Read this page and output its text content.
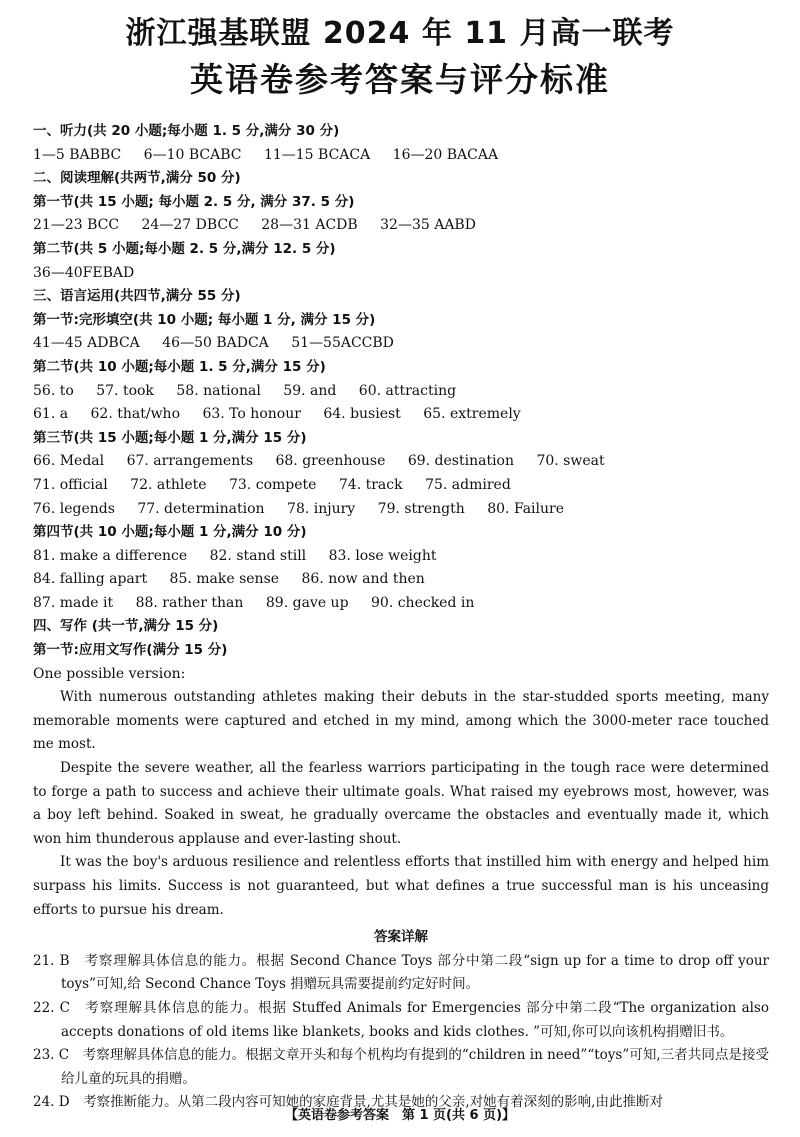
浙江强基联盟 2024 年 11 月高一联考
英语卷参考答案与评分标准
一、听力(共 20 小题;每小题 1. 5 分,满分 30 分)
1—5 BABBC 6—10 BCABC 11—15 BCACA 16—20 BACAA
二、阅读理解(共两节,满分 50 分)
第一节(共 15 小题; 每小题 2. 5 分, 满分 37. 5 分)
21—23 BCC 24—27 DBCC 28—31 ACDB 32—35 AABD
第二节(共 5 小题;每小题 2. 5 分,满分 12. 5 分)
36—40FEBAD
三、语言运用(共四节,满分 55 分)
第一节:完形填空(共 10 小题; 每小题 1 分, 满分 15 分)
41—45 ADBCA 46—50 BADCA 51—55ACCBD
第二节(共 10 小题;每小题 1. 5 分,满分 15 分)
56. to 57. took 58. national 59. and 60. attracting
61. a 62. that/who 63. To honour 64. busiest 65. extremely
第三节(共 15 小题;每小题 1 分,满分 15 分)
66. Medal 67. arrangements 68. greenhouse 69. destination 70. sweat
71. official 72. athlete 73. compete 74. track 75. admired
76. legends 77. determination 78. injury 79. strength 80. Failure
第四节(共 10 小题;每小题 1 分,满分 10 分)
81. make a difference 82. stand still 83. lose weight
84. falling apart 85. make sense 86. now and then
87. made it 88. rather than 89. gave up 90. checked in
四、写作 (共一节,满分 15 分)
第一节:应用文写作(满分 15 分)
One possible version:

With numerous outstanding athletes making their debuts in the star-studded sports meeting, many memorable moments were captured and etched in my mind, among which the 3000-meter race touched me most.

Despite the severe weather, all the fearless warriors participating in the tough race were determined to forge a path to success and achieve their ultimate goals. What raised my eyebrows most, however, was a boy left behind. Soaked in sweat, he gradually overcame the obstacles and eventually made it, which won him thunderous applause and ever-lasting shout.

It was the boy's arduous resilience and relentless efforts that instilled him with energy and helped him surpass his limits. Success is not guaranteed, but what defines a true successful man is his unceasing efforts to pursue his dream.

答案详解
21. B　考察理解具体信息的能力。根据 Second Chance Toys 部分中第二段“sign up for a time to drop off your toys”可知,给 Second Chance Toys 捐赠玩具需要提前约定好时间。
22. C　考察理解具体信息的能力。根据 Stuffed Animals for Emergencies 部分中第二段“The organization also accepts donations of old items like blankets, books and kids clothes. ”可知,你可以向该机构捐赠旧书。
23. C　考察理解具体信息的能力。根据文章开头和每个机构均有提到的“children in need”“toys”可知,三者共同点是接受给儿童的玩具的捐赠。
24. D　考察推断能力。从第二段内容可知她的家庭背景,尤其是她的父亲,对她有着深刻的影响,由此推断对
【英语卷参考答案　第 1 页(共 6 页)】
